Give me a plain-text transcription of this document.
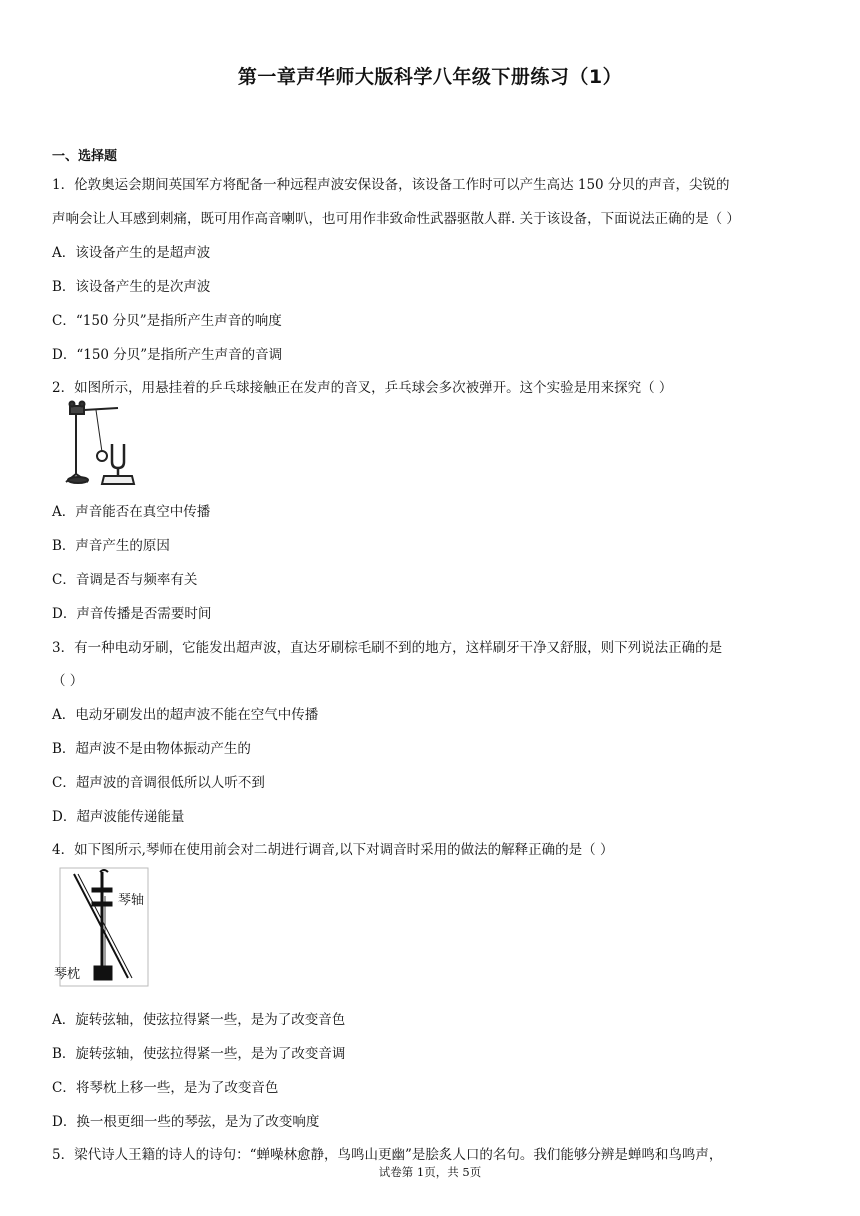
第一章声华师大版科学八年级下册练习（1）
一、选择题
1．伦敦奥运会期间英国军方将配备一种远程声波安保设备，该设备工作时可以产生高达 150 分贝的声音，尖锐的
声响会让人耳感到刺痛，既可用作高音喇叭，也可用作非致命性武器驱散人群. 关于该设备，下面说法正确的是（ ）
A．该设备产生的是超声波
B．该设备产生的是次声波
C．“150 分贝”是指所产生声音的响度
D．“150 分贝”是指所产生声音的音调
2．如图所示，用悬挂着的乒乓球接触正在发声的音叉，乒乓球会多次被弹开。这个实验是用来探究（ ）
A．声音能否在真空中传播
B．声音产生的原因
C．音调是否与频率有关
D．声音传播是否需要时间
3．有一种电动牙刷，它能发出超声波，直达牙刷棕毛刷不到的地方，这样刷牙干净又舒服，则下列说法正确的是
（ ）
A．电动牙刷发出的超声波不能在空气中传播
B．超声波不是由物体振动产生的
C．超声波的音调很低所以人听不到
D．超声波能传递能量
4．如下图所示,琴师在使用前会对二胡进行调音,以下对调音时采用的做法的解释正确的是（ ）
琴轴
琴枕
A．旋转弦轴，使弦拉得紧一些，是为了改变音色
B．旋转弦轴，使弦拉得紧一些，是为了改变音调
C．将琴枕上移一些，是为了改变音色
D．换一根更细一些的琴弦，是为了改变响度
5．梁代诗人王籍的诗人的诗句：“蝉噪林愈静，鸟鸣山更幽”是脍炙人口的名句。我们能够分辨是蝉鸣和鸟鸣声，
试卷第 1页，共 5页
